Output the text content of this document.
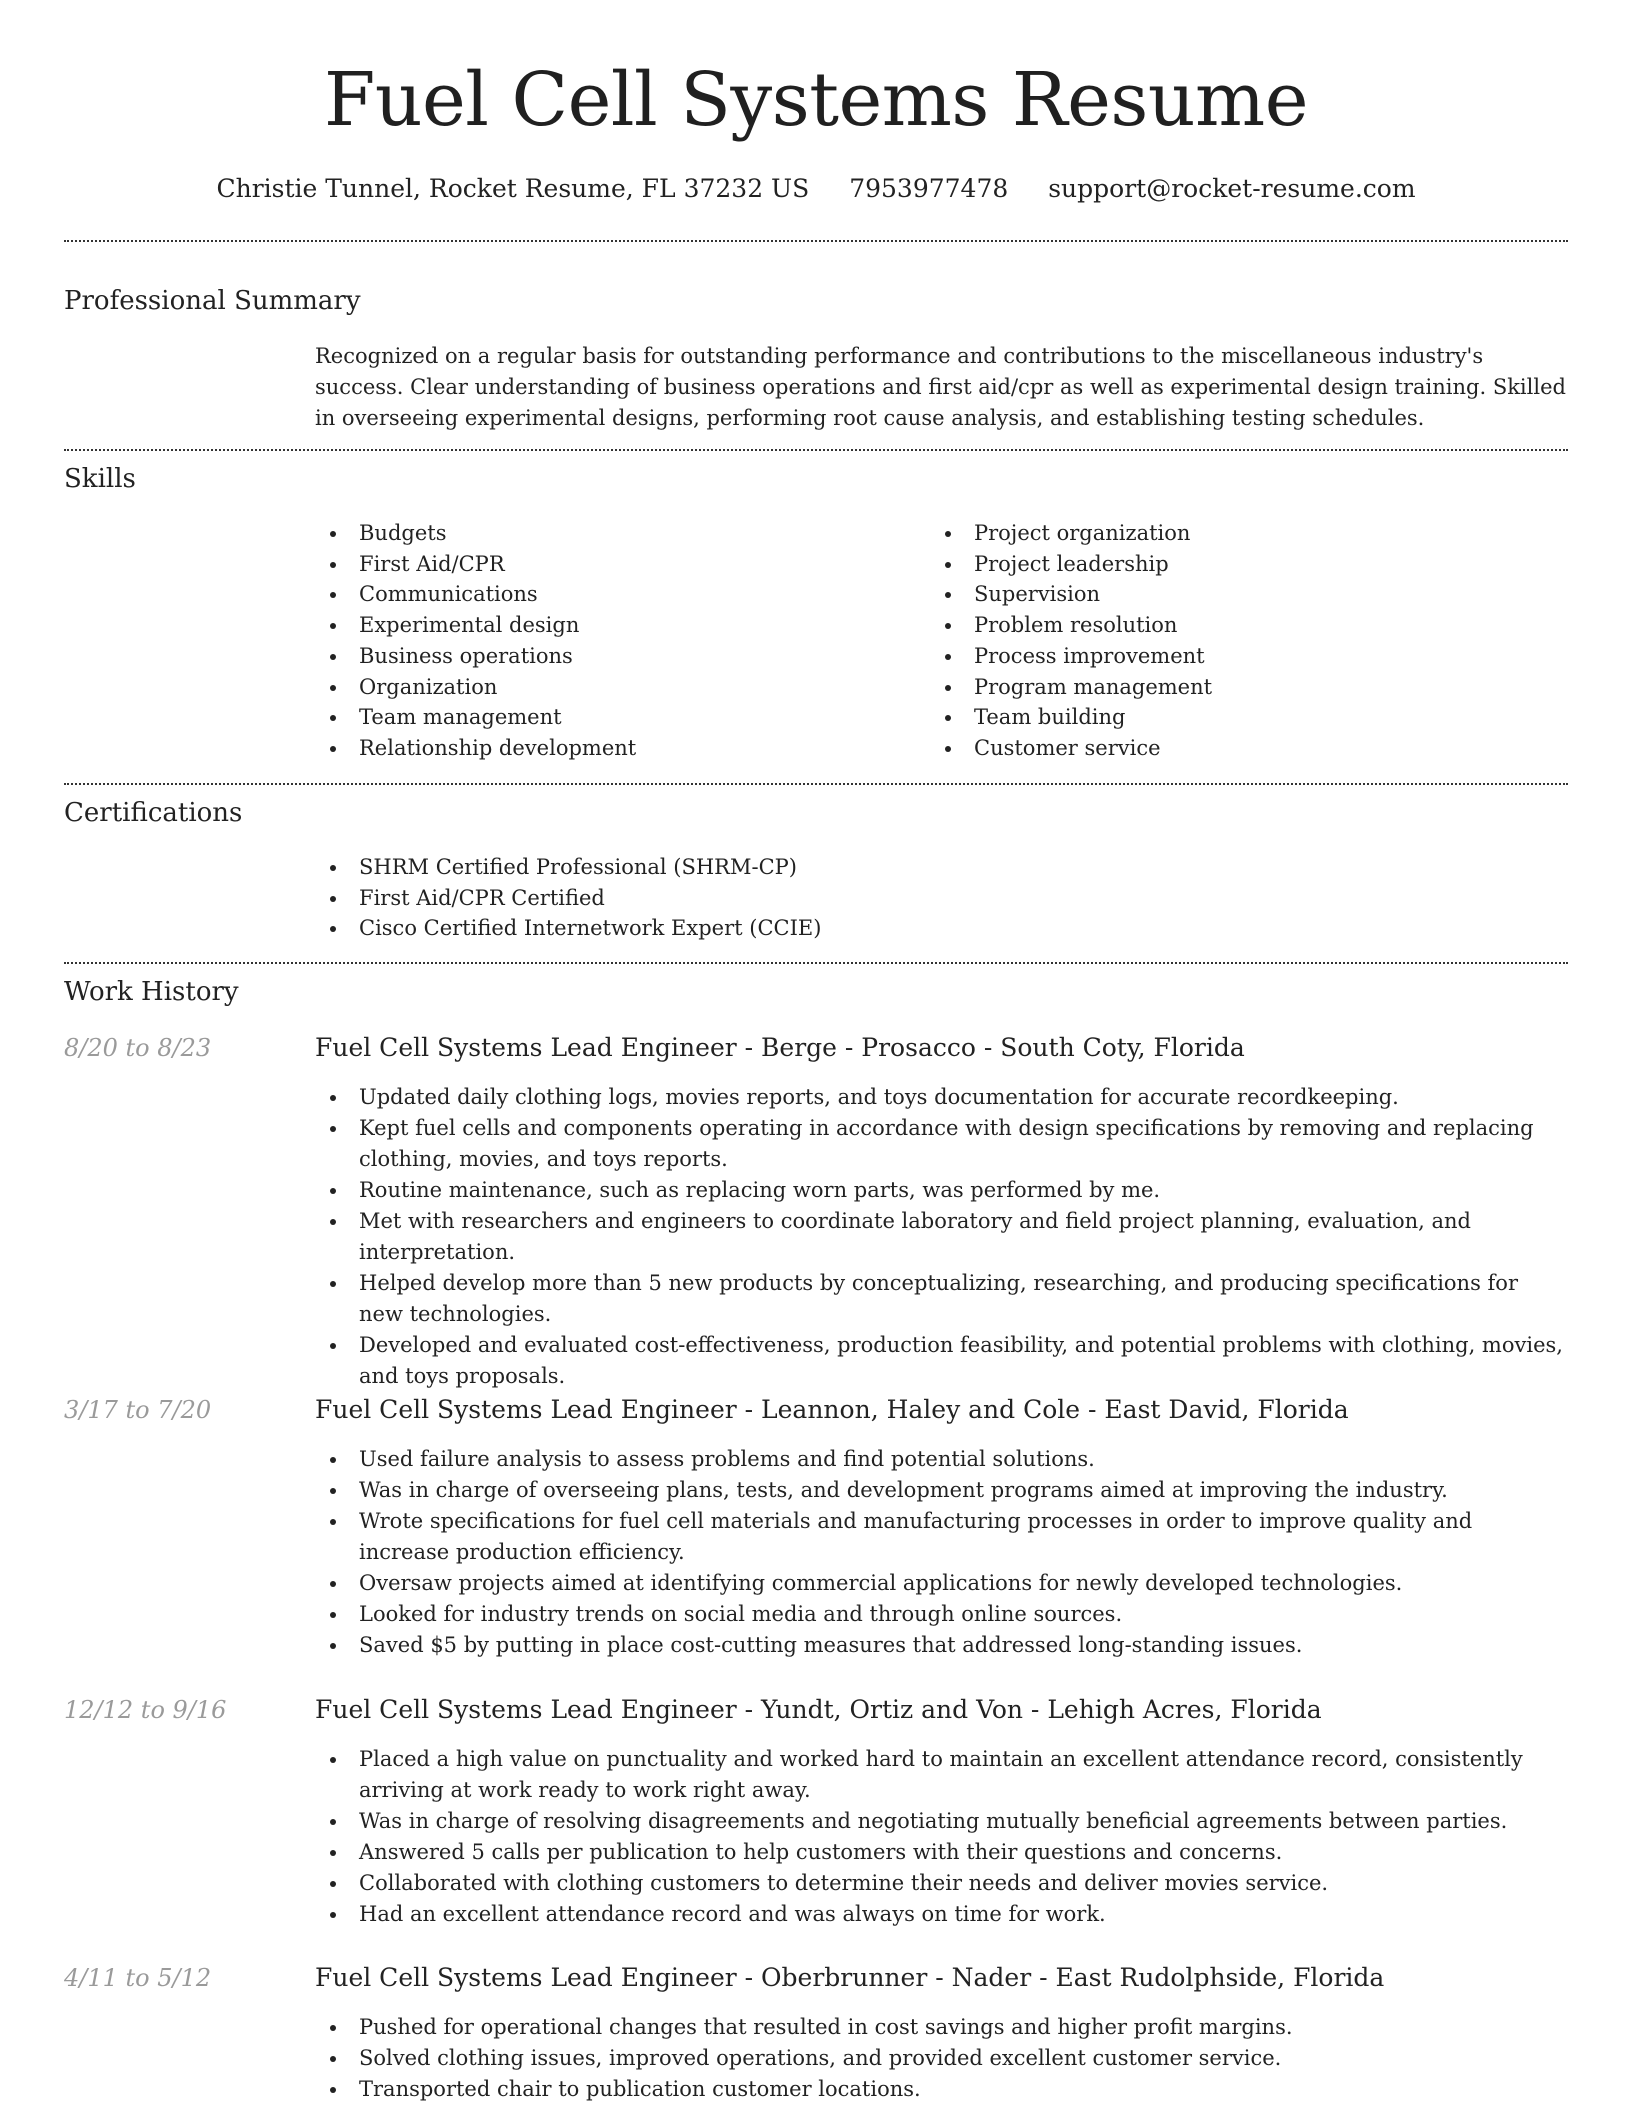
Fuel Cell Systems Resume
Christie Tunnel, Rocket Resume, FL 37232 US 7953977478 support@rocket-resume.com
Professional Summary
Recognized on a regular basis for outstanding performance and contributions to the miscellaneous industry's success. Clear understanding of business operations and first aid/cpr as well as experimental design training. Skilled in overseeing experimental designs, performing root cause analysis, and establishing testing schedules.
Skills
Budgets
First Aid/CPR
Communications
Experimental design
Business operations
Organization
Team management
Relationship development
Project organization
Project leadership
Supervision
Problem resolution
Process improvement
Program management
Team building
Customer service
Certifications
SHRM Certified Professional (SHRM-CP)
First Aid/CPR Certified
Cisco Certified Internetwork Expert (CCIE)
Work History
8/20 to 8/23	Fuel Cell Systems Lead Engineer - Berge - Prosacco - South Coty, Florida
Updated daily clothing logs, movies reports, and toys documentation for accurate recordkeeping.
Kept fuel cells and components operating in accordance with design specifications by removing and replacing clothing, movies, and toys reports.
Routine maintenance, such as replacing worn parts, was performed by me.
Met with researchers and engineers to coordinate laboratory and field project planning, evaluation, and interpretation.
Helped develop more than 5 new products by conceptualizing, researching, and producing specifications for new technologies.
Developed and evaluated cost-effectiveness, production feasibility, and potential problems with clothing, movies, and toys proposals.
3/17 to 7/20	Fuel Cell Systems Lead Engineer - Leannon, Haley and Cole - East David, Florida
Used failure analysis to assess problems and find potential solutions.
Was in charge of overseeing plans, tests, and development programs aimed at improving the industry.
Wrote specifications for fuel cell materials and manufacturing processes in order to improve quality and increase production efficiency.
Oversaw projects aimed at identifying commercial applications for newly developed technologies.
Looked for industry trends on social media and through online sources.
Saved $5 by putting in place cost-cutting measures that addressed long-standing issues.
12/12 to 9/16	Fuel Cell Systems Lead Engineer - Yundt, Ortiz and Von - Lehigh Acres, Florida
Placed a high value on punctuality and worked hard to maintain an excellent attendance record, consistently arriving at work ready to work right away.
Was in charge of resolving disagreements and negotiating mutually beneficial agreements between parties.
Answered 5 calls per publication to help customers with their questions and concerns.
Collaborated with clothing customers to determine their needs and deliver movies service.
Had an excellent attendance record and was always on time for work.
4/11 to 5/12	Fuel Cell Systems Lead Engineer - Oberbrunner - Nader - East Rudolphside, Florida
Pushed for operational changes that resulted in cost savings and higher profit margins.
Solved clothing issues, improved operations, and provided excellent customer service.
Transported chair to publication customer locations.
